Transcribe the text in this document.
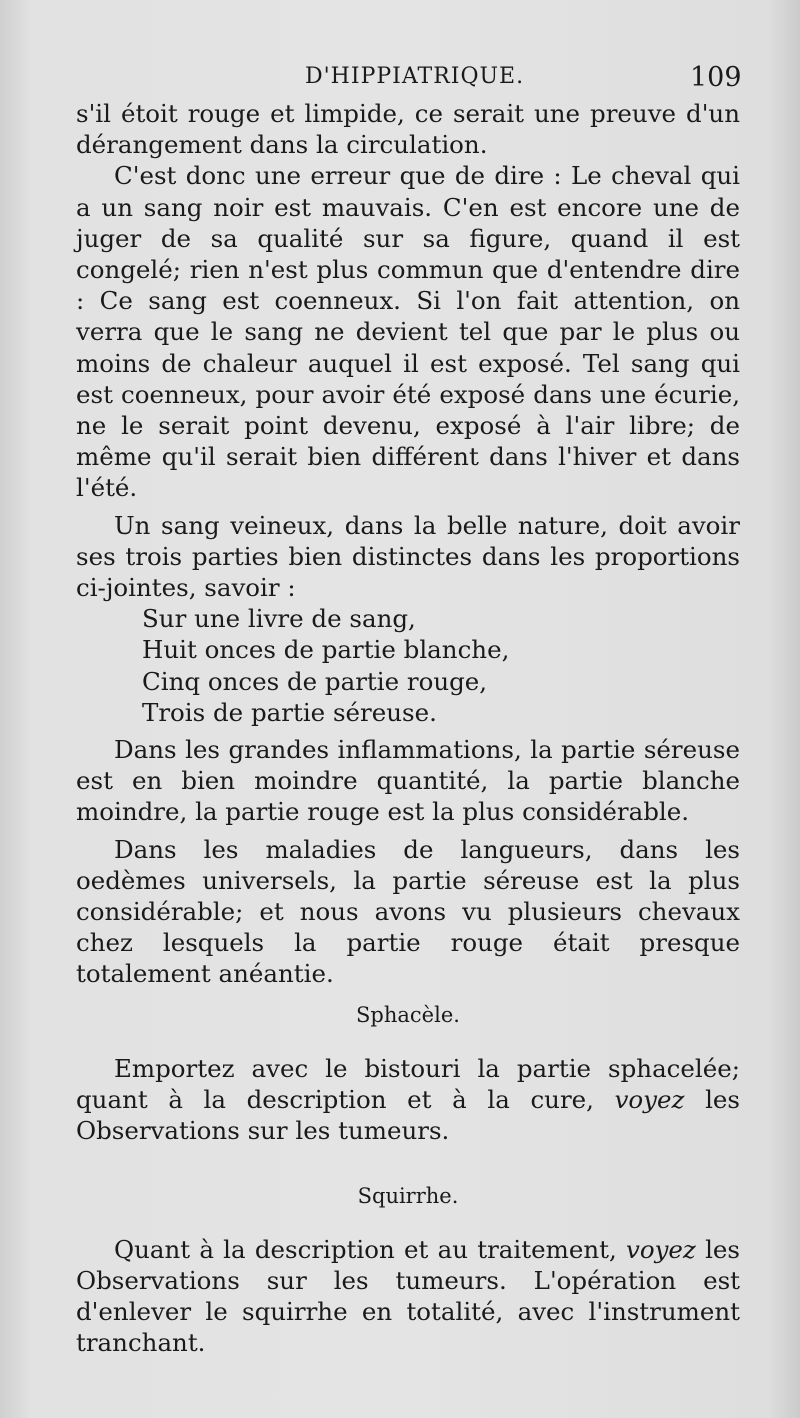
D'HIPPIATRIQUE.	109

s'il étoit rouge et limpide, ce serait une preuve d'un dérangement dans la circulation.

C'est donc une erreur que de dire : Le cheval qui a un sang noir est mauvais. C'en est encore une de juger de sa qualité sur sa figure, quand il est congelé; rien n'est plus commun que d'entendre dire : Ce sang est coenneux. Si l'on fait attention, on verra que le sang ne devient tel que par le plus ou moins de chaleur auquel il est exposé. Tel sang qui est coenneux, pour avoir été exposé dans une écurie, ne le serait point devenu, exposé à l'air libre; de même qu'il serait bien différent dans l'hiver et dans l'été.

Un sang veineux, dans la belle nature, doit avoir ses trois parties bien distinctes dans les proportions ci-jointes, savoir :

Sur une livre de sang,

Huit onces de partie blanche,

Cinq onces de partie rouge,

Trois de partie séreuse.

Dans les grandes inflammations, la partie séreuse est en bien moindre quantité, la partie blanche moindre, la partie rouge est la plus considérable.

Dans les maladies de langueurs, dans les oedèmes universels, la partie séreuse est la plus considérable; et nous avons vu plusieurs chevaux chez lesquels la partie rouge était presque totalement anéantie.

Sphacèle.

Emportez avec le bistouri la partie sphacelée; quant à la description et à la cure, voyez les Observations sur les tumeurs.

Squirrhe.

Quant à la description et au traitement, voyez les Observations sur les tumeurs. L'opération est d'enlever le squirrhe en totalité, avec l'instrument tranchant.
